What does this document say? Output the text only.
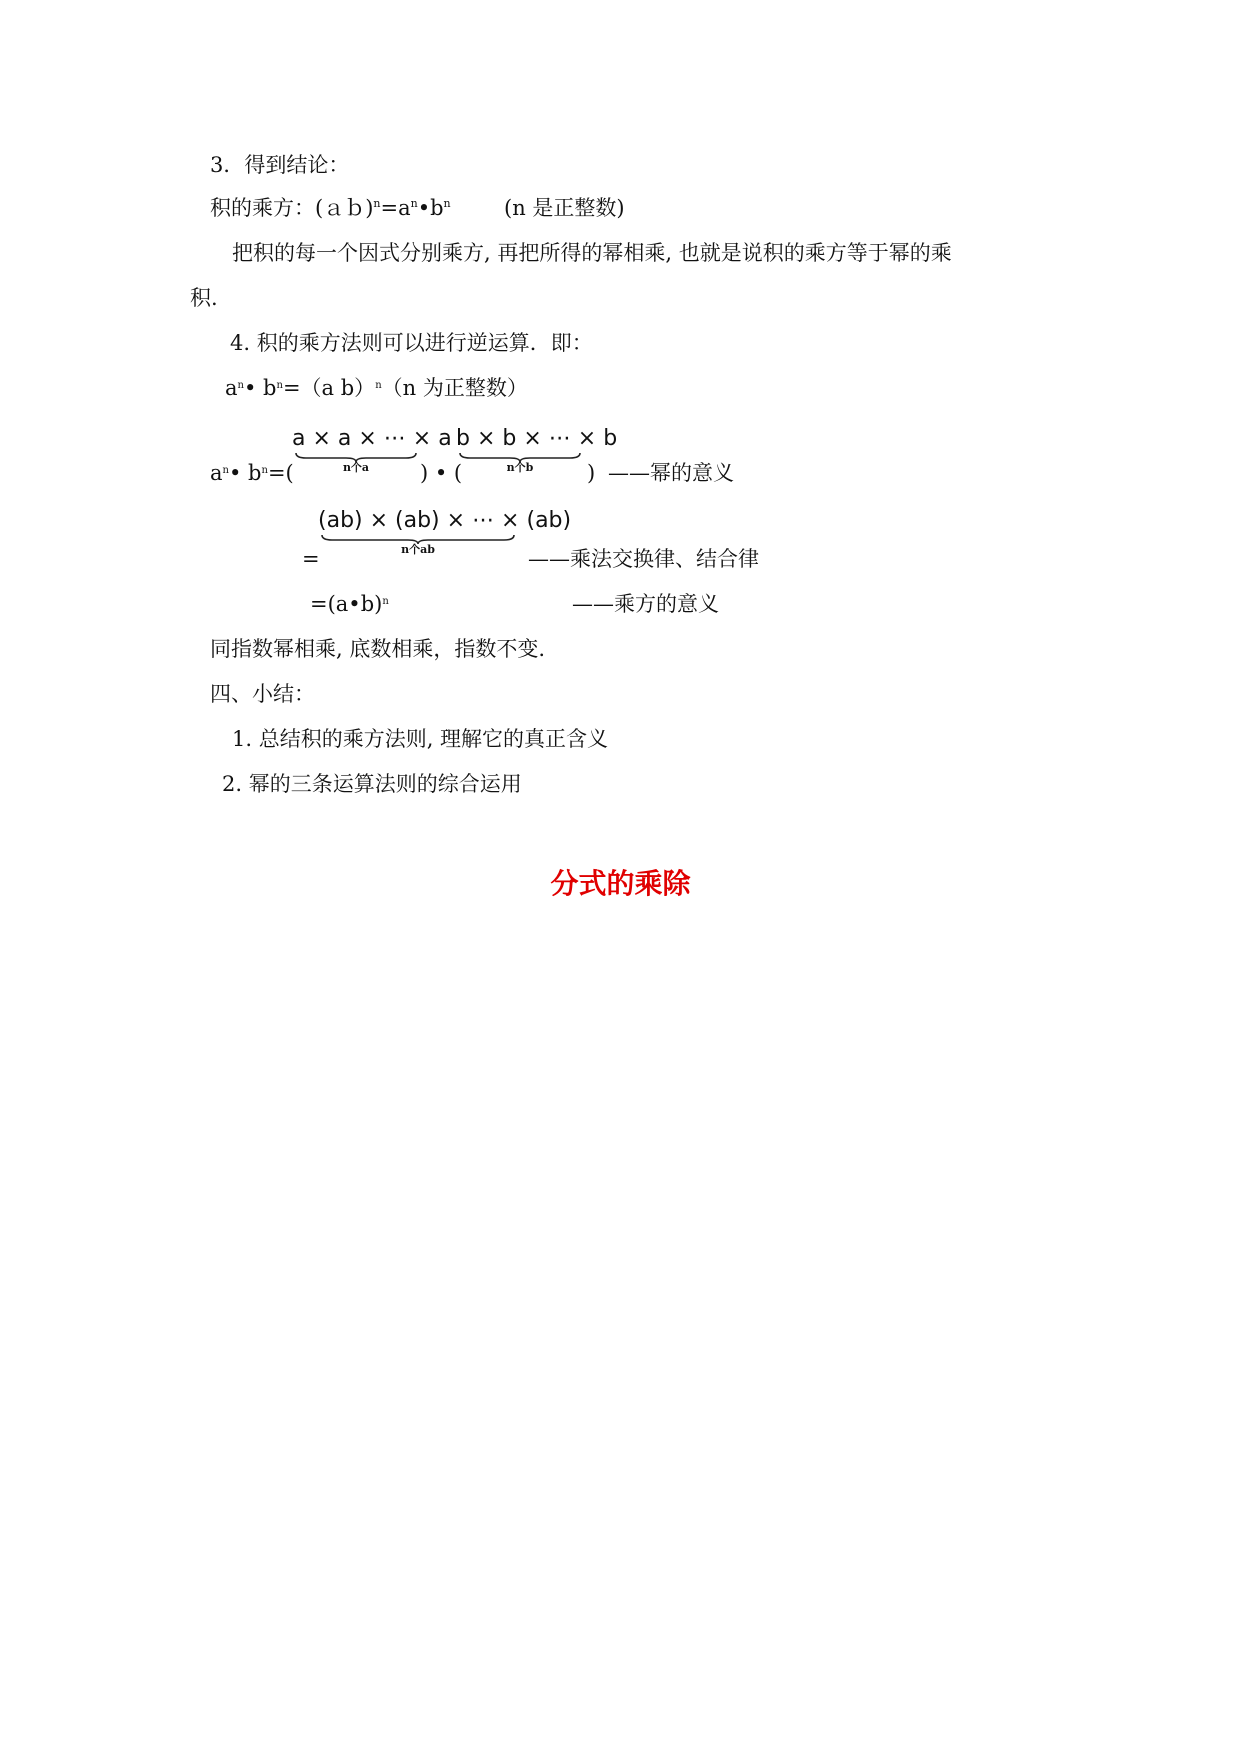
3．得到结论：
积的乘方：$(ab)^n=a^n•b^n$	(n 是正整数)
把积的每一个因式分别乘方, 再把所得的幂相乘, 也就是说积的乘方等于幂的乘
积.
4. 积的乘方法则可以进行逆运算．即：
$a^n•$ $b^n=(a$ b）$^n$（n 为正整数）
$a^n•$ $b^n=$(
a × a × ⋯ × a
n个a	) • (
b × b × ⋯ × b
n个b	) ——幂的意义
=
(ab) × (ab) × ⋯ × (ab)
n个ab	——乘法交换律、结合律
=(a•b)$^n$	——乘方的意义
同指数幂相乘, 底数相乘，指数不变.
四、小结：
1. 总结积的乘方法则, 理解它的真正含义
2. 幂的三条运算法则的综合运用
分式的乘除
